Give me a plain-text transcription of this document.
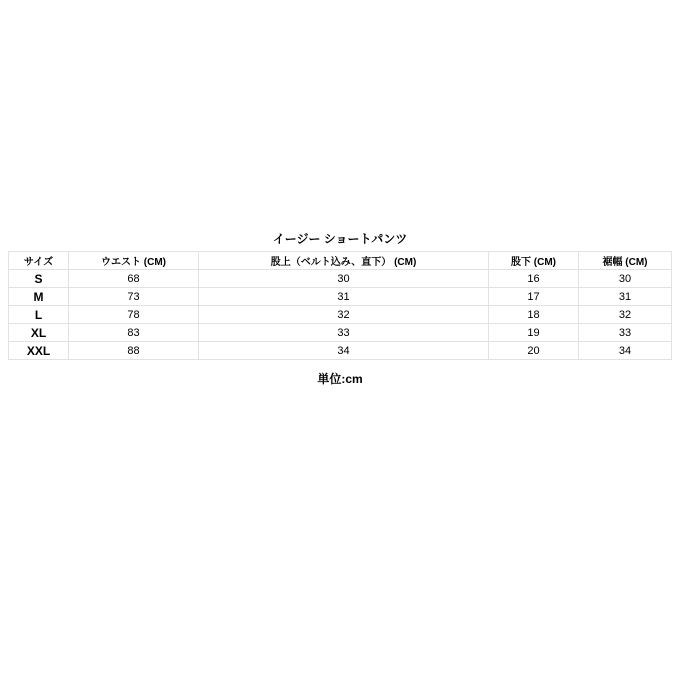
イージー ショートパンツ
サイズ	ウエスト (CM)	股上（ベルト込み、直下） (CM)	股下 (CM)	裾幅 (CM)
S	68	30	16	30
M	73	31	17	31
L	78	32	18	32
XL	83	33	19	33
XXL	88	34	20	34
単位:cm
